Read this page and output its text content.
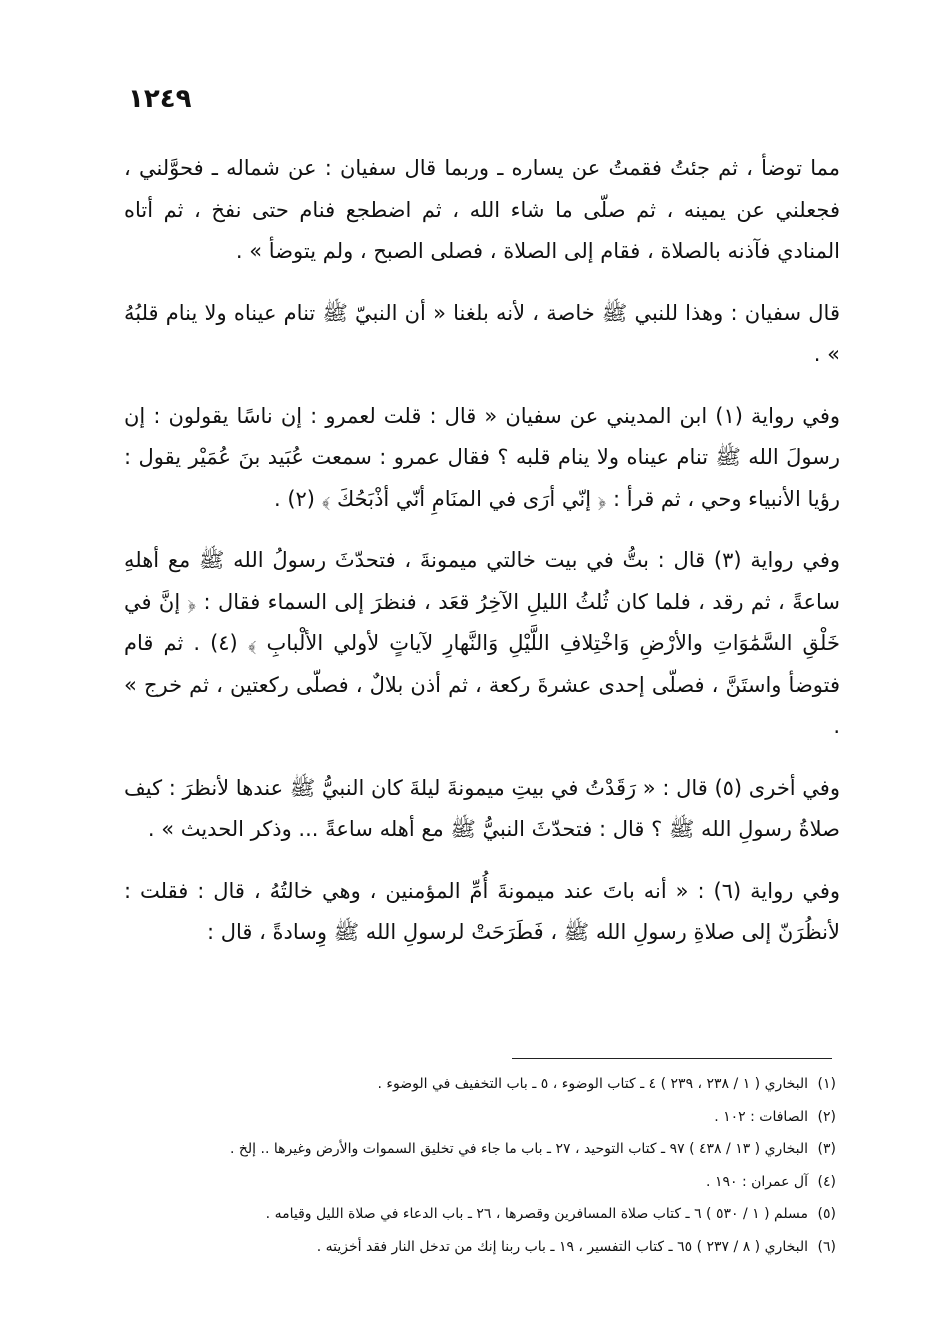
١٢٤٩

مما توضأ ، ثم جئتُ فقمتُ عن يساره ـ وربما قال سفيان : عن شماله ـ فحوَّلني ، فجعلني عن يمينه ، ثم صلّى ما شاء الله ، ثم اضطجع فنام حتى نفخ ، ثم أتاه المنادي فآذنه بالصلاة ، فقام إلى الصلاة ، فصلى الصبح ، ولم يتوضأ » .

قال سفيان : وهذا للنبي ﷺ خاصة ، لأنه بلغنا « أن النبيّ ﷺ تنام عيناه ولا ينام قلبُهُ » .

وفي رواية (١) ابن المديني عن سفيان « قال : قلت لعمرو : إن ناسًا يقولون : إن رسولَ الله ﷺ تنام عيناه ولا ينام قلبه ؟ فقال عمرو : سمعت عُبَيد بنَ عُمَيْر يقول : رؤيا الأنبياء وحي ، ثم قرأ : ﴿ إنّي أرَى في المنَامِ أنّي أذْبَحُكَ ﴾ (٢) .

وفي رواية (٣) قال : بتُّ في بيت خالتي ميمونةَ ، فتحدّثَ رسولُ الله ﷺ مع أهلهِ ساعةً ، ثم رقد ، فلما كان ثُلثُ الليلِ الآخِرُ قعَد ، فنظرَ إلى السماء فقال : ﴿ إنَّ في خَلْقِ السَّمَٰوَاتِ والأرْضِ وَاخْتِلافِ اللَّيْلِ وَالنَّهارِ لآياتٍ لأولي الألْبابِ ﴾ (٤) . ثم قام فتوضأ واستَنَّ ، فصلّى إحدى عشرةَ ركعة ، ثم أذن بلالٌ ، فصلّى ركعتين ، ثم خرج » .

وفي أخرى (٥) قال : « رَقَدْتُ في بيتِ ميمونةَ ليلةَ كان النبيُّ ﷺ عندها لأنظرَ : كيف صلاةُ رسولِ الله ﷺ ؟ قال : فتحدّثَ النبيُّ ﷺ مع أهله ساعةً ... وذكر الحديث » .

وفي رواية (٦) : « أنه باتَ عند ميمونةَ أُمِّ المؤمنين ، وهي خالتُهُ ، قال : فقلت : لأنظُرَنّ إلى صلاةِ رسولِ الله ﷺ ، فَطَرَحَتْ لرسولِ الله ﷺ وِسادةً ، قال :

(١)
البخاري ( ١ / ٢٣٨ ، ٢٣٩ ) ٤ ـ كتاب الوضوء ، ٥ ـ باب التخفيف في الوضوء .
(٢)
الصافات : ١٠٢ .
(٣)
البخاري ( ١٣ / ٤٣٨ ) ٩٧ ـ كتاب التوحيد ، ٢٧ ـ باب ما جاء في تخليق السموات والأرض وغيرها .. إلخ .
(٤)
آل عمران : ١٩٠ .
(٥)
مسلم ( ١ / ٥٣٠ ) ٦ ـ كتاب صلاة المسافرين وقصرها ، ٢٦ ـ باب الدعاء في صلاة الليل وقيامه .
(٦)
البخاري ( ٨ / ٢٣٧ ) ٦٥ ـ كتاب التفسير ، ١٩ ـ باب ربنا إنك من تدخل النار فقد أخزيته .
